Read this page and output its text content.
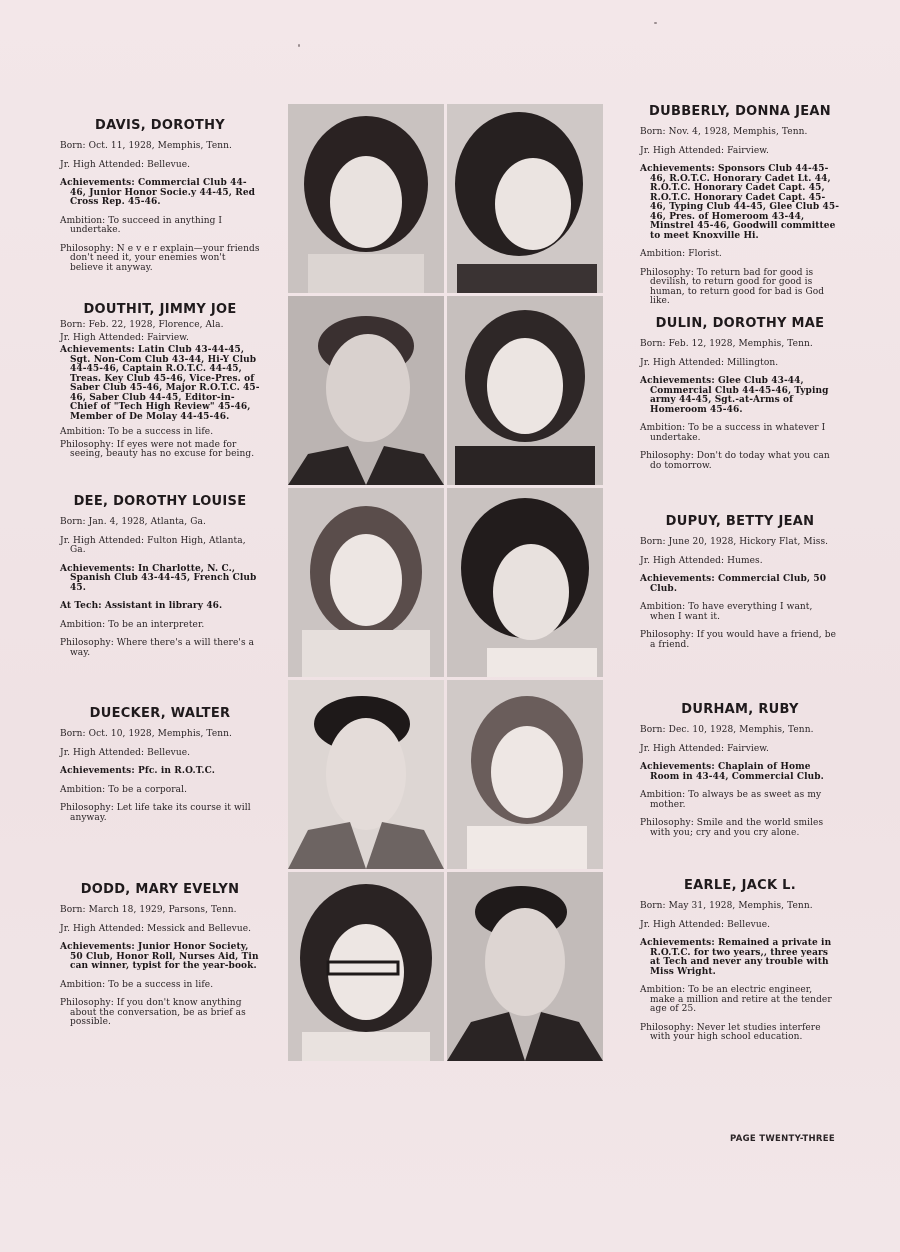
DAVIS, DOROTHY

Born: Oct. 11, 1928, Memphis, Tenn.

Jr. High Attended: Bellevue.

Achievements: Commercial Club 44-46, Junior Honor Socie.y 44-45, Red Cross Rep. 45-46.

Ambition: To succeed in anything I undertake.

Philosophy: N e v e r explain—your friends don't need it, your enemies won't believe it anyway.

DOUTHIT, JIMMY JOE

Born: Feb. 22, 1928, Florence, Ala.

Jr. High Attended: Fairview.

Achievements: Latin Club 43-44-45, Sgt. Non-Com Club 43-44, Hi-Y Club 44-45-46, Captain R.O.T.C. 44-45, Treas. Key Club 45-46, Vice-Pres. of Saber Club 45-46, Major R.O.T.C. 45-46, Saber Club 44-45, Editor-in-Chief of "Tech High Review" 45-46, Member of De Molay 44-45-46.

Ambition: To be a success in life.

Philosophy: If eyes were not made for seeing, beauty has no excuse for being.

DEE, DOROTHY LOUISE

Born: Jan. 4, 1928, Atlanta, Ga.

Jr. High Attended: Fulton High, Atlanta, Ga.

Achievements: In Charlotte, N. C., Spanish Club 43-44-45, French Club 45.

At Tech: Assistant in library 46.

Ambition: To be an interpreter.

Philosophy: Where there's a will there's a way.

DUECKER, WALTER

Born: Oct. 10, 1928, Memphis, Tenn.

Jr. High Attended: Bellevue.

Achievements: Pfc. in R.O.T.C.

Ambition: To be a corporal.

Philosophy: Let life take its course it will anyway.

DODD, MARY EVELYN

Born: March 18, 1929, Parsons, Tenn.

Jr. High Attended: Messick and Bellevue.

Achievements: Junior Honor Society, 50 Club, Honor Roll, Nurses Aid, Tin can winner, typist for the year-book.

Ambition: To be a success in life.

Philosophy: If you don't know anything about the conversation, be as brief as possible.

DUBBERLY, DONNA JEAN

Born: Nov. 4, 1928, Memphis, Tenn.

Jr. High Attended: Fairview.

Achievements: Sponsors Club 44-45-46, R.O.T.C. Honorary Cadet Lt. 44, R.O.T.C. Honorary Cadet Capt. 45, R.O.T.C. Honorary Cadet Capt. 45-46, Typing Club 44-45, Glee Club 45-46, Pres. of Homeroom 43-44, Minstrel 45-46, Goodwill committee to meet Knoxville Hi.

Ambition: Florist.

Philosophy: To return bad for good is devilish, to return good for good is human, to return good for bad is God like.

DULIN, DOROTHY MAE

Born: Feb. 12, 1928, Memphis, Tenn.

Jr. High Attended: Millington.

Achievements: Glee Club 43-44, Commercial Club 44-45-46, Typing army 44-45, Sgt.-at-Arms of Homeroom 45-46.

Ambition: To be a success in whatever I undertake.

Philosophy: Don't do today what you can do tomorrow.

DUPUY, BETTY JEAN

Born: June 20, 1928, Hickory Flat, Miss.

Jr. High Attended: Humes.

Achievements: Commercial Club, 50 Club.

Ambition: To have everything I want, when I want it.

Philosophy: If you would have a friend, be a friend.

DURHAM, RUBY

Born: Dec. 10, 1928, Memphis, Tenn.

Jr. High Attended: Fairview.

Achievements: Chaplain of Home Room in 43-44, Commercial Club.

Ambition: To always be as sweet as my mother.

Philosophy: Smile and the world smiles with you; cry and you cry alone.

EARLE, JACK L.

Born: May 31, 1928, Memphis, Tenn.

Jr. High Attended: Bellevue.

Achievements: Remained a private in R.O.T.C. for two years,, three years at Tech and never any trouble with Miss Wright.

Ambition: To be an electric engineer, make a million and retire at the tender age of 25.

Philosophy: Never let studies interfere with your high school education.

PAGE TWENTY-THREE
